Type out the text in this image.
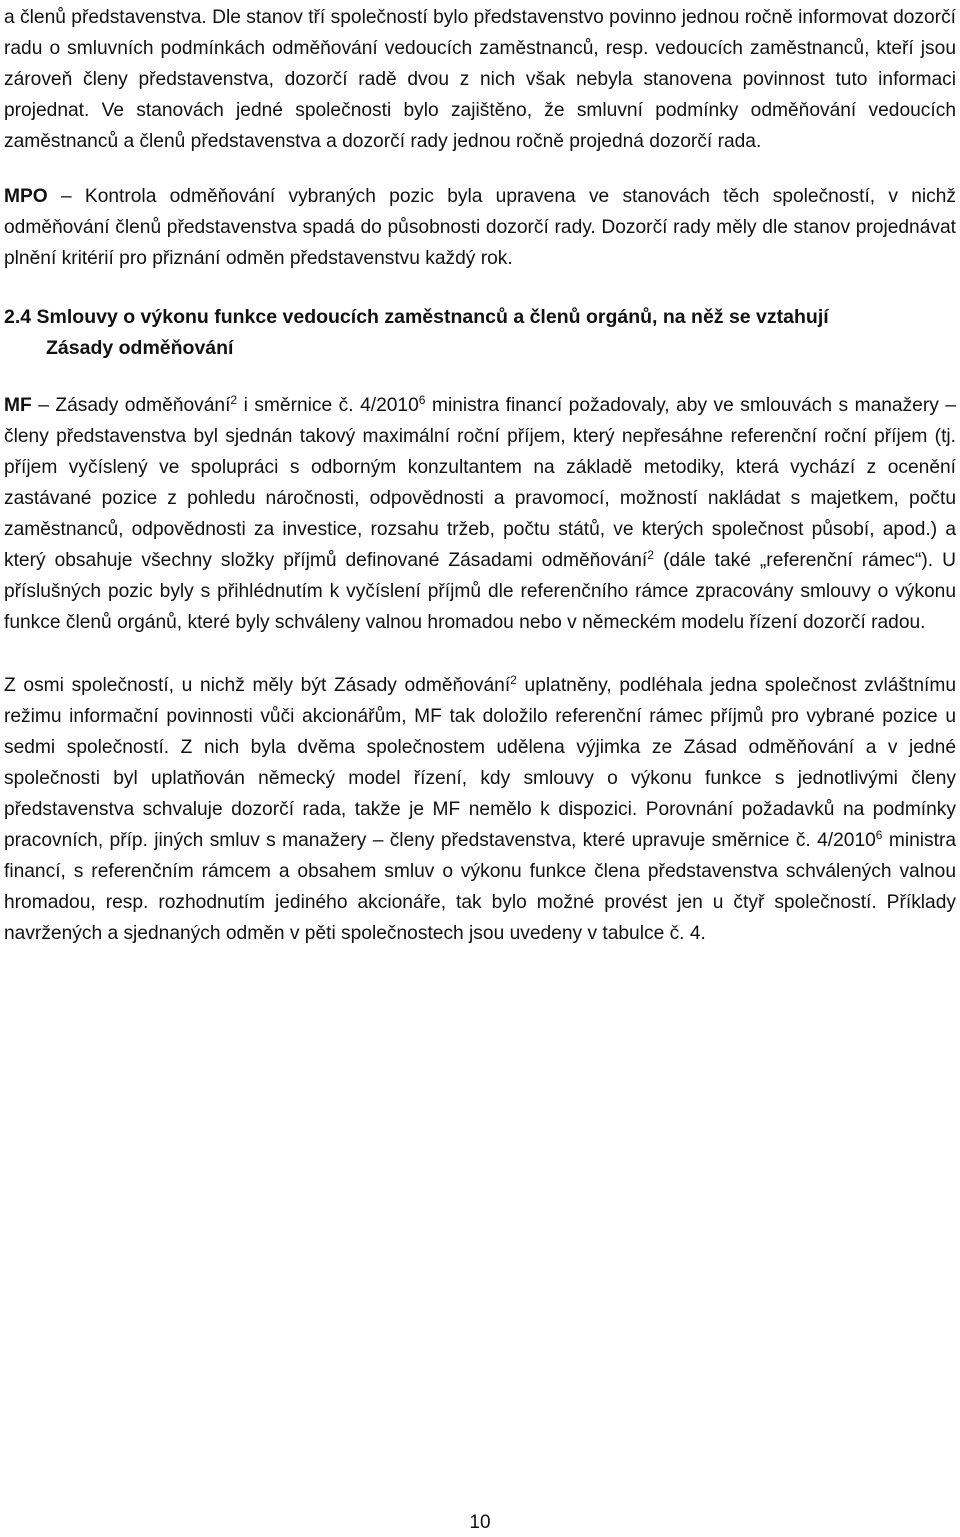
a členů představenstva. Dle stanov tří společností bylo představenstvo povinno jednou ročně informovat dozorčí radu o smluvních podmínkách odměňování vedoucích zaměstnanců, resp. vedoucích zaměstnanců, kteří jsou zároveň členy představenstva, dozorčí radě dvou z nich však nebyla stanovena povinnost tuto informaci projednat. Ve stanovách jedné společnosti bylo zajištěno, že smluvní podmínky odměňování vedoucích zaměstnanců a členů představenstva a dozorčí rady jednou ročně projedná dozorčí rada.

MPO – Kontrola odměňování vybraných pozic byla upravena ve stanovách těch společností, v nichž odměňování členů představenstva spadá do působnosti dozorčí rady. Dozorčí rady měly dle stanov projednávat plnění kritérií pro přiznání odměn představenstvu každý rok.

2.4 Smlouvy o výkonu funkce vedoucích zaměstnanců a členů orgánů, na něž se vztahují
Zásady odměňování

MF – Zásady odměňování$^2$ i směrnice č. 4/2010$^6$ ministra financí požadovaly, aby ve smlouvách s manažery – členy představenstva byl sjednán takový maximální roční příjem, který nepřesáhne referenční roční příjem (tj. příjem vyčíslený ve spolupráci s odborným konzultantem na základě metodiky, která vychází z ocenění zastávané pozice z pohledu náročnosti, odpovědnosti a pravomocí, možností nakládat s majetkem, počtu zaměstnanců, odpovědnosti za investice, rozsahu tržeb, počtu států, ve kterých společnost působí, apod.) a který obsahuje všechny složky příjmů definované Zásadami odměňování$^2$ (dále také „referenční rámec“). U příslušných pozic byly s přihlédnutím k vyčíslení příjmů dle referenčního rámce zpracovány smlouvy o výkonu funkce členů orgánů, které byly schváleny valnou hromadou nebo v německém modelu řízení dozorčí radou.

Z osmi společností, u nichž měly být Zásady odměňování$^2$ uplatněny, podléhala jedna společnost zvláštnímu režimu informační povinnosti vůči akcionářům, MF tak doložilo referenční rámec příjmů pro vybrané pozice u sedmi společností. Z nich byla dvěma společnostem udělena výjimka ze Zásad odměňování a v jedné společnosti byl uplatňován německý model řízení, kdy smlouvy o výkonu funkce s jednotlivými členy představenstva schvaluje dozorčí rada, takže je MF nemělo k dispozici. Porovnání požadavků na podmínky pracovních, příp. jiných smluv s manažery – členy představenstva, které upravuje směrnice č. 4/2010$^6$ ministra financí, s referenčním rámcem a obsahem smluv o výkonu funkce člena představenstva schválených valnou hromadou, resp. rozhodnutím jediného akcionáře, tak bylo možné provést jen u čtyř společností. Příklady navržených a sjednaných odměn v pěti společnostech jsou uvedeny v tabulce č. 4.

10
